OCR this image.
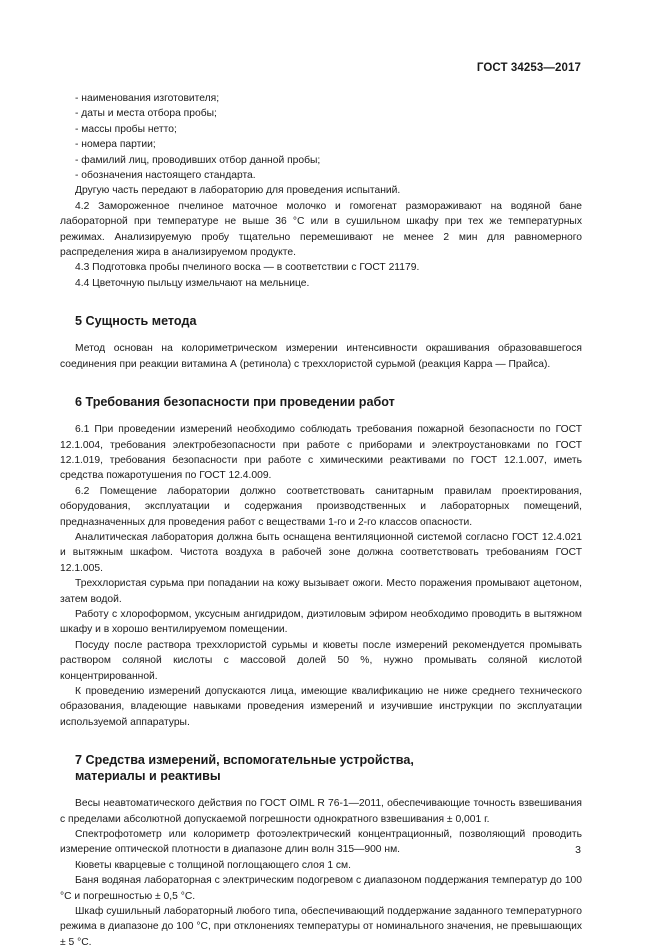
ГОСТ 34253—2017

- наименования изготовителя;

- даты и места отбора пробы;

- массы пробы нетто;

- номера партии;

- фамилий лиц, проводивших отбор данной пробы;

- обозначения настоящего стандарта.

Другую часть передают в лабораторию для проведения испытаний.

4.2 Замороженное пчелиное маточное молочко и гомогенат размораживают на водяной бане лабораторной при температуре не выше 36 °С или в сушильном шкафу при тех же температурных режимах. Анализируемую пробу тщательно перемешивают не менее 2 мин для равномерного распределения жира в анализируемом продукте.

4.3 Подготовка пробы пчелиного воска — в соответствии с ГОСТ 21179.

4.4 Цветочную пыльцу измельчают на мельнице.

5 Сущность метода

Метод основан на колориметрическом измерении интенсивности окрашивания образовавшегося соединения при реакции витамина А (ретинола) с треххлористой сурьмой (реакция Карра — Прайса).

6 Требования безопасности при проведении работ

6.1 При проведении измерений необходимо соблюдать требования пожарной безопасности по ГОСТ 12.1.004, требования электробезопасности при работе с приборами и электроустановками по ГОСТ 12.1.019, требования безопасности при работе с химическими реактивами по ГОСТ 12.1.007, иметь средства пожаротушения по ГОСТ 12.4.009.

6.2 Помещение лаборатории должно соответствовать санитарным правилам проектирования, оборудования, эксплуатации и содержания производственных и лабораторных помещений, предназначенных для проведения работ с веществами 1-го и 2-го классов опасности.

Аналитическая лаборатория должна быть оснащена вентиляционной системой согласно ГОСТ 12.4.021 и вытяжным шкафом. Чистота воздуха в рабочей зоне должна соответствовать требованиям ГОСТ 12.1.005.

Треххлористая сурьма при попадании на кожу вызывает ожоги. Место поражения промывают ацетоном, затем водой.

Работу с хлороформом, уксусным ангидридом, диэтиловым эфиром необходимо проводить в вытяжном шкафу и в хорошо вентилируемом помещении.

Посуду после раствора треххлористой сурьмы и кюветы после измерений рекомендуется промывать раствором соляной кислоты с массовой долей 50 %, нужно промывать соляной кислотой концентрированной.

К проведению измерений допускаются лица, имеющие квалификацию не ниже среднего технического образования, владеющие навыками проведения измерений и изучившие инструкции по эксплуатации используемой аппаратуры.

7 Средства измерений, вспомогательные устройства,

материалы и реактивы

Весы неавтоматического действия по ГОСТ OIML R 76-1—2011, обеспечивающие точность взвешивания с пределами абсолютной допускаемой погрешности однократного взвешивания ± 0,001 г.

Спектрофотометр или колориметр фотоэлектрический концентрационный, позволяющий проводить измерение оптической плотности в диапазоне длин волн 315—900 нм.

Кюветы кварцевые с толщиной поглощающего слоя 1 см.

Баня водяная лабораторная с электрическим подогревом с диапазоном поддержания температур до 100 °С и погрешностью ± 0,5 °С.

Шкаф сушильный лабораторный любого типа, обеспечивающий поддержание заданного температурного режима в диапазоне до 100 °С, при отклонениях температуры от номинального значения, не превышающих ± 5 °С.

3
